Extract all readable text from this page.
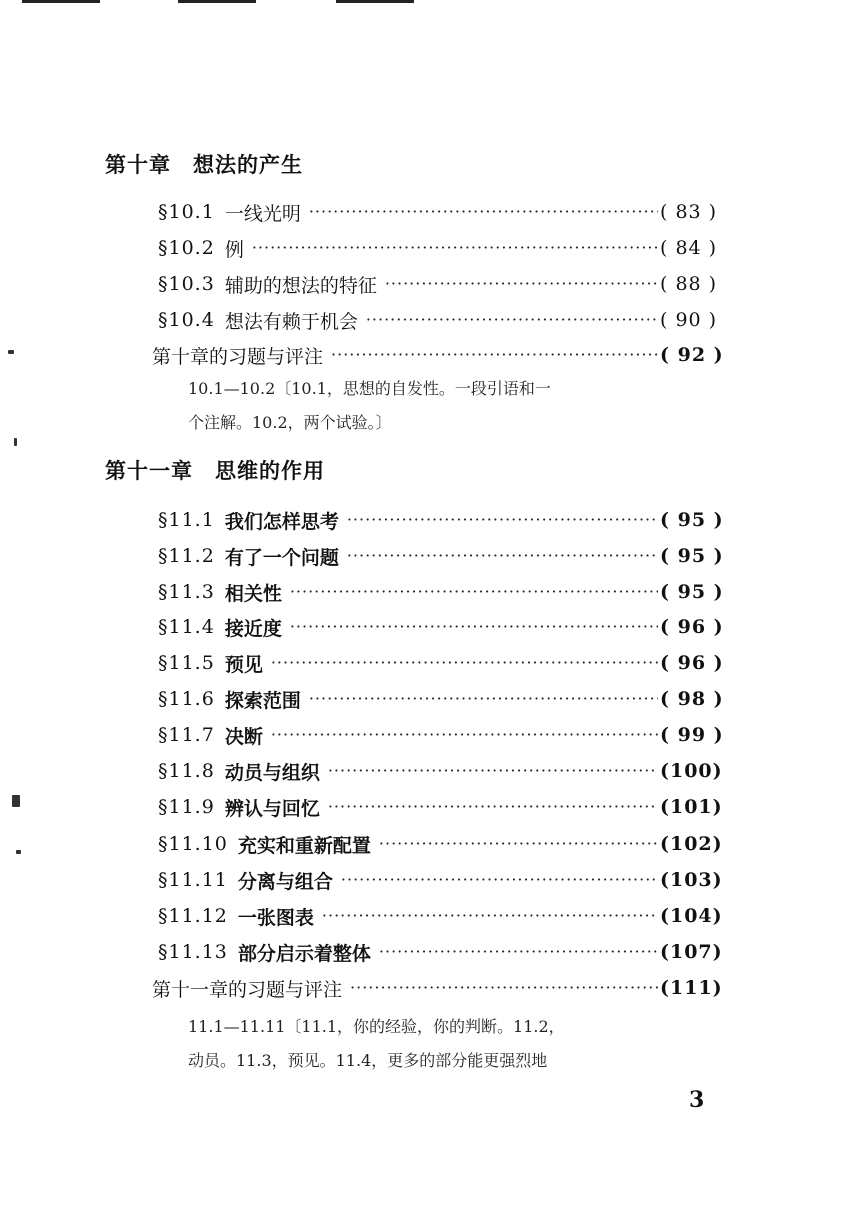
第十章 想法的产生
§10.1 一线光明 ·····	( 83 )
§10.2 例 ·····	( 84 )
§10.3 辅助的想法的特征 ·····	( 88 )
§10.4 想法有赖于机会 ·····	( 90 )
第十章的习题与评注 ·····	( 92 )
10.1—10.2〔10.1，思想的自发性。一段引语和一
个注解。10.2，两个试验。〕
第十一章 思维的作用
§11.1 我们怎样思考 ·····	( 95 )
§11.2 有了一个问题 ·····	( 95 )
§11.3 相关性 ·····	( 95 )
§11.4 接近度 ·····	( 96 )
§11.5 预见 ·····	( 96 )
§11.6 探索范围 ·····	( 98 )
§11.7 决断 ·····	( 99 )
§11.8 动员与组织 ·····	(100)
§11.9 辨认与回忆 ·····	(101)
§11.10 充实和重新配置 ·····	(102)
§11.11 分离与组合 ·····	(103)
§11.12 一张图表 ·····	(104)
§11.13 部分启示着整体 ·····	(107)
第十一章的习题与评注 ·····	(111)
11.1—11.11〔11.1，你的经验，你的判断。11.2，
动员。11.3，预见。11.4，更多的部分能更强烈地
3
